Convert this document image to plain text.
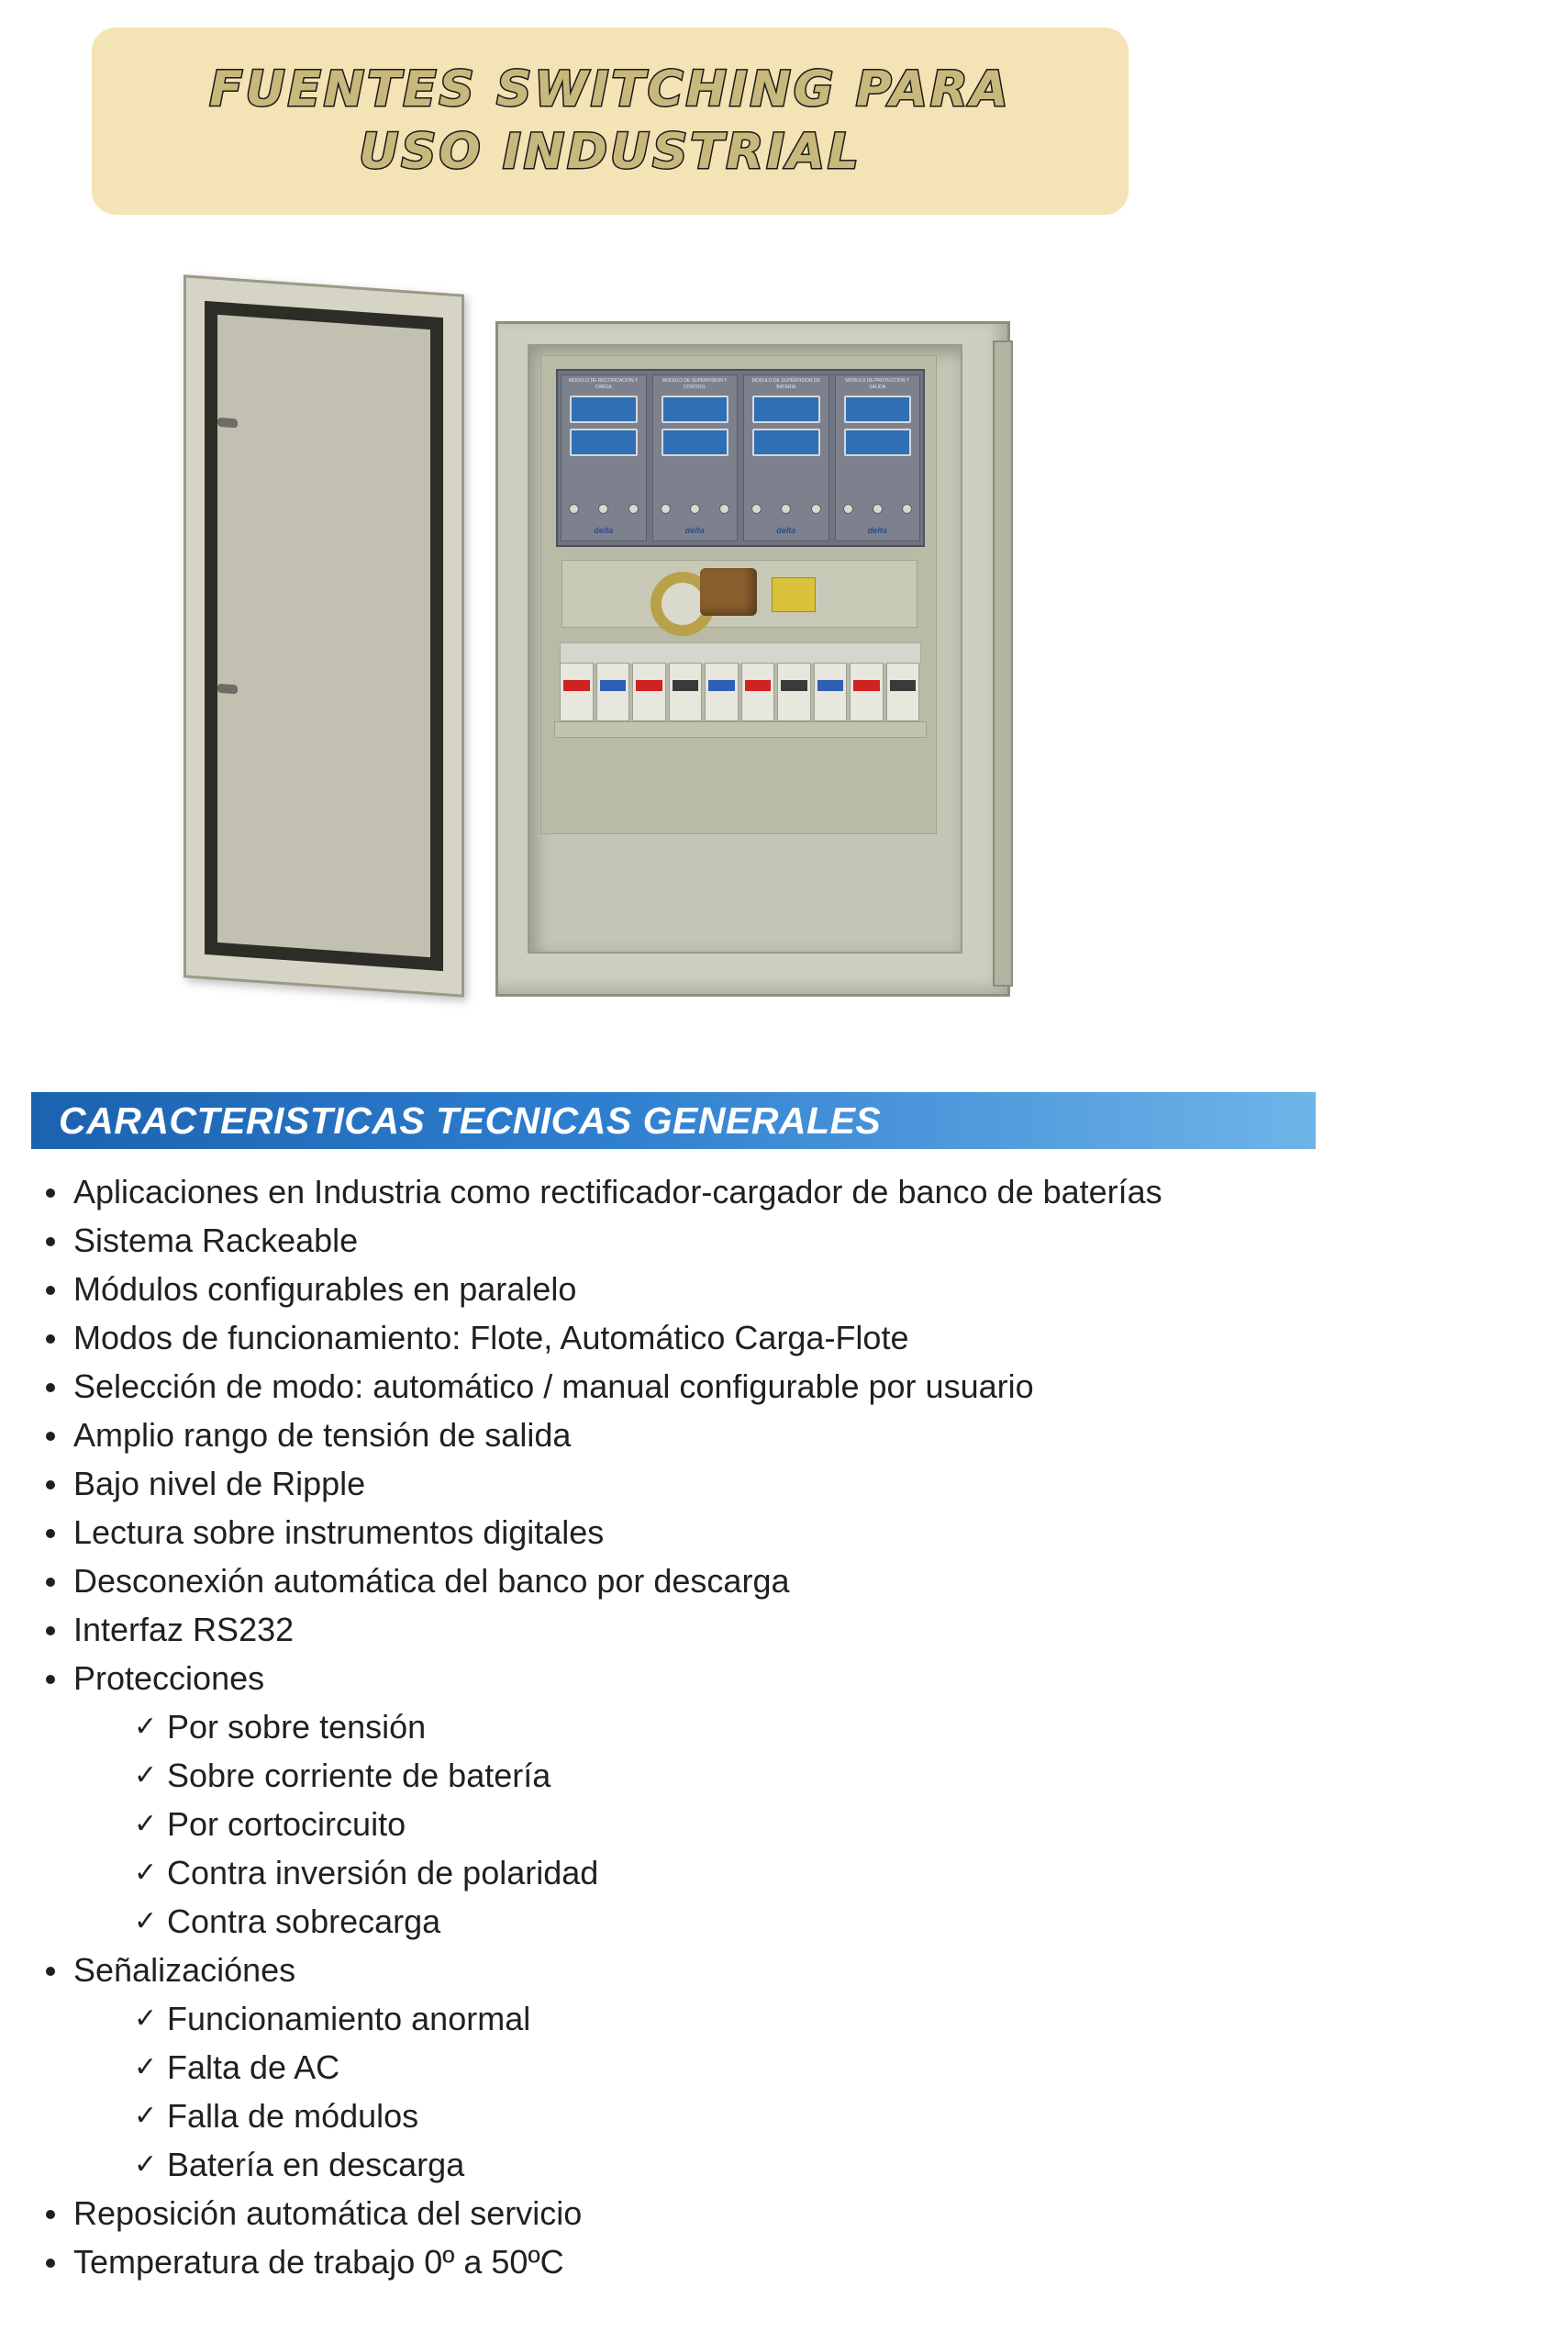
FUENTES SWITCHING PARA
USO INDUSTRIAL
MODULO DE RECTIFICACION Y CARGA
delta
MODULO DE SUPERVISION Y CONTROL
delta
MODULO DE SUPERVISION DE BATERIA
delta
MODULO DE PROTECCION Y SALIDA
delta
CARACTERISTICAS TECNICAS GENERALES
Aplicaciones en Industria como rectificador-cargador de banco de baterías
Sistema Rackeable
Módulos configurables en paralelo
Modos de funcionamiento: Flote, Automático Carga-Flote
Selección de modo: automático / manual configurable por usuario
Amplio rango de tensión de salida
Bajo nivel de Ripple
Lectura sobre instrumentos digitales
Desconexión automática del banco por descarga
Interfaz RS232
Protecciones
✓ Por sobre tensión
✓ Sobre corriente de batería
✓ Por cortocircuito
✓ Contra inversión de polaridad
✓ Contra sobrecarga
Señalizaciónes
✓ Funcionamiento anormal
✓ Falta de AC
✓ Falla de módulos
✓ Batería en descarga
Reposición automática del servicio
Temperatura de trabajo 0º a 50ºC
